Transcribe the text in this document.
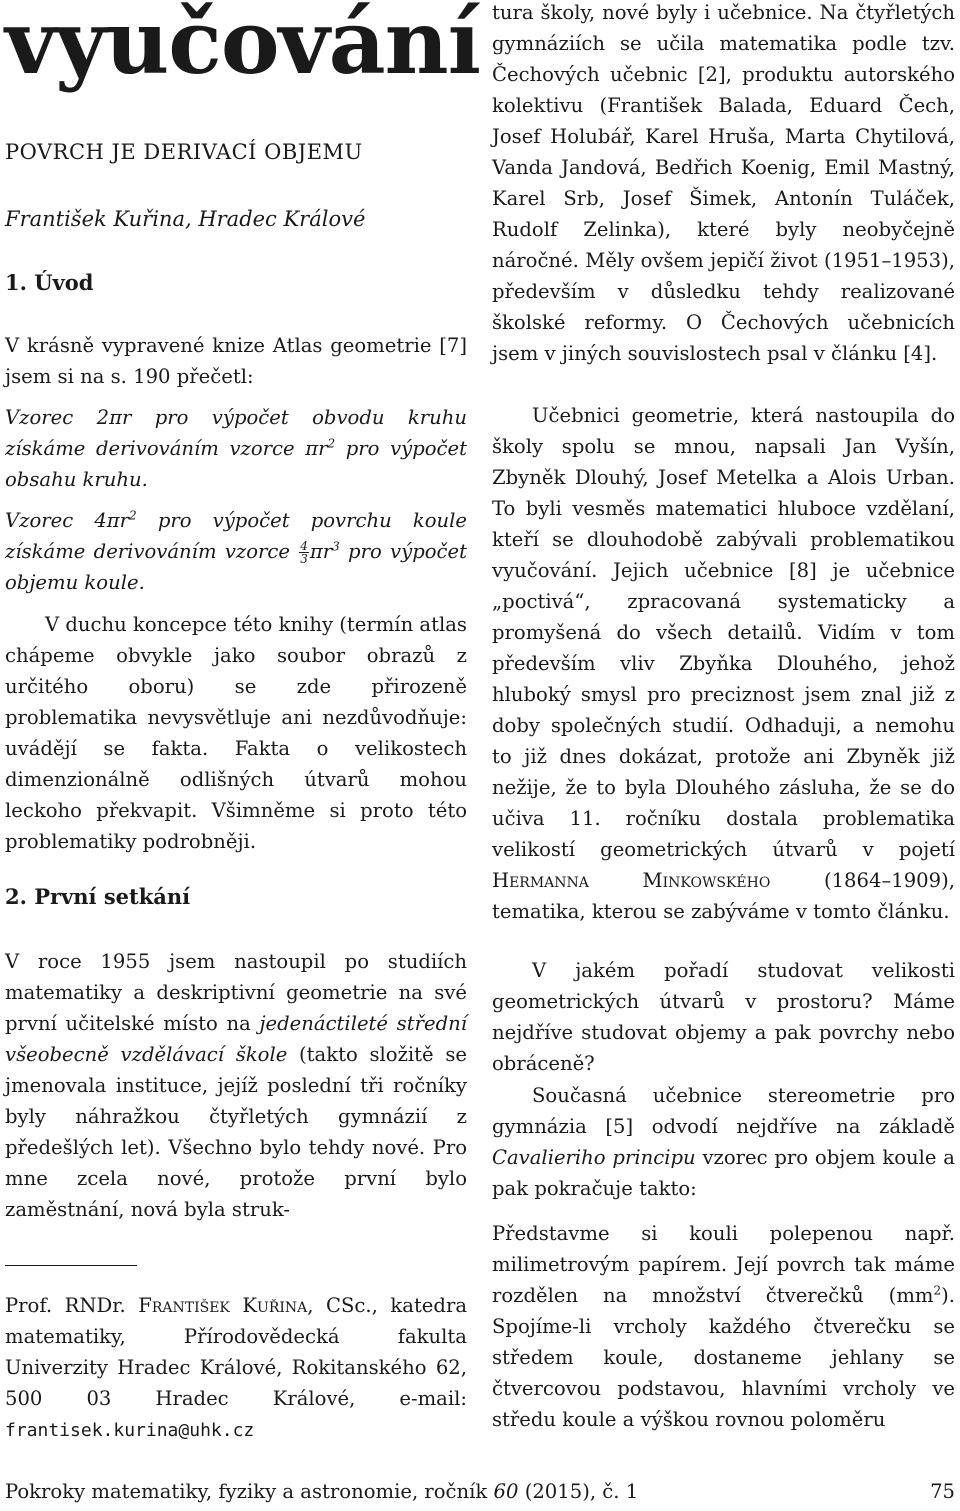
vyučování
POVRCH JE DERIVACÍ OBJEMU
František Kuřina, Hradec Králové
1. Úvod
V krásně vypravené knize Atlas geometrie [7] jsem si na s. 190 přečetl:
Vzorec 2πr pro výpočet obvodu kruhu získáme derivováním vzorce $\pi r^2$ pro výpočet obsahu kruhu.
Vzorec $4\pi r^2$ pro výpočet povrchu koule získáme derivováním vzorce $\frac{4}{3} \pi r^3$ pro výpočet objemu koule.
V duchu koncepce této knihy (termín atlas chápeme obvykle jako soubor obrazů z určitého oboru) se zde přirozeně problematika nevysvětluje ani nezdůvodňuje: uvádějí se fakta. Fakta o velikostech dimenzionálně odlišných útvarů mohou leckoho překvapit. Všimněme si proto této problematiky podrobněji.
2. První setkání
V roce 1955 jsem nastoupil po studiích matematiky a deskriptivní geometrie na své první učitelské místo na jedenáctileté střední všeobecně vzdělávací škole (takto složitě se jmenovala instituce, jejíž poslední tři ročníky byly náhražkou čtyřletých gymnázií z předešlých let). Všechno bylo tehdy nové. Pro mne zcela nové, protože první bylo zaměstnání, nová byla struk-
Prof. RNDr. František Kuřina, CSc., katedra matematiky, Přírodovědecká fakulta Univerzity Hradec Králové, Rokitanského 62, 500 03 Hradec Králové, e-mail: frantisek.kurina@uhk.cz
tura školy, nové byly i učebnice. Na čtyřletých gymnáziích se učila matematika podle tzv. Čechových učebnic [2], produktu autorského kolektivu (František Balada, Eduard Čech, Josef Holubář, Karel Hruša, Marta Chytilová, Vanda Jandová, Bedřich Koenig, Emil Mastný, Karel Srb, Josef Šimek, Antonín Tuláček, Rudolf Zelinka), které byly neobyčejně náročné. Měly ovšem jepičí život (1951–1953), především v důsledku tehdy realizované školské reformy. O Čechových učebnicích jsem v jiných souvislostech psal v článku [4].
Učebnici geometrie, která nastoupila do školy spolu se mnou, napsali Jan Vyšín, Zbyněk Dlouhý, Josef Metelka a Alois Urban. To byli vesměs matematici hluboce vzdělaní, kteří se dlouhodobě zabývali problematikou vyučování. Jejich učebnice [8] je učebnice „poctivá“, zpracovaná systematicky a promyšená do všech detailů. Vidím v tom především vliv Zbyňka Dlouhého, jehož hluboký smysl pro preciznost jsem znal již z doby společných studií. Odhaduji, a nemohu to již dnes dokázat, protože ani Zbyněk již nežije, že to byla Dlouhého zásluha, že se do učiva 11. ročníku dostala problematika velikostí geometrických útvarů v pojetí Hermanna Minkowského (1864–1909), tematika, kterou se zabýváme v tomto článku.
V jakém pořadí studovat velikosti geometrických útvarů v prostoru? Máme nejdříve studovat objemy a pak povrchy nebo obráceně?
Současná učebnice stereometrie pro gymnázia [5] odvodí nejdříve na základě Cavalieriho principu vzorec pro objem koule a pak pokračuje takto:
Představme si kouli polepenou např. milimetrovým papírem. Její povrch tak máme rozdělen na množství čtverečků $(mm^2)$. Spojíme-li vrcholy každého čtverečku se středem koule, dostaneme jehlany se čtvercovou podstavou, hlavními vrcholy ve středu koule a výškou rovnou poloměru
Pokroky matematiky, fyziky a astronomie, ročník 60 (2015), č. 1	75
